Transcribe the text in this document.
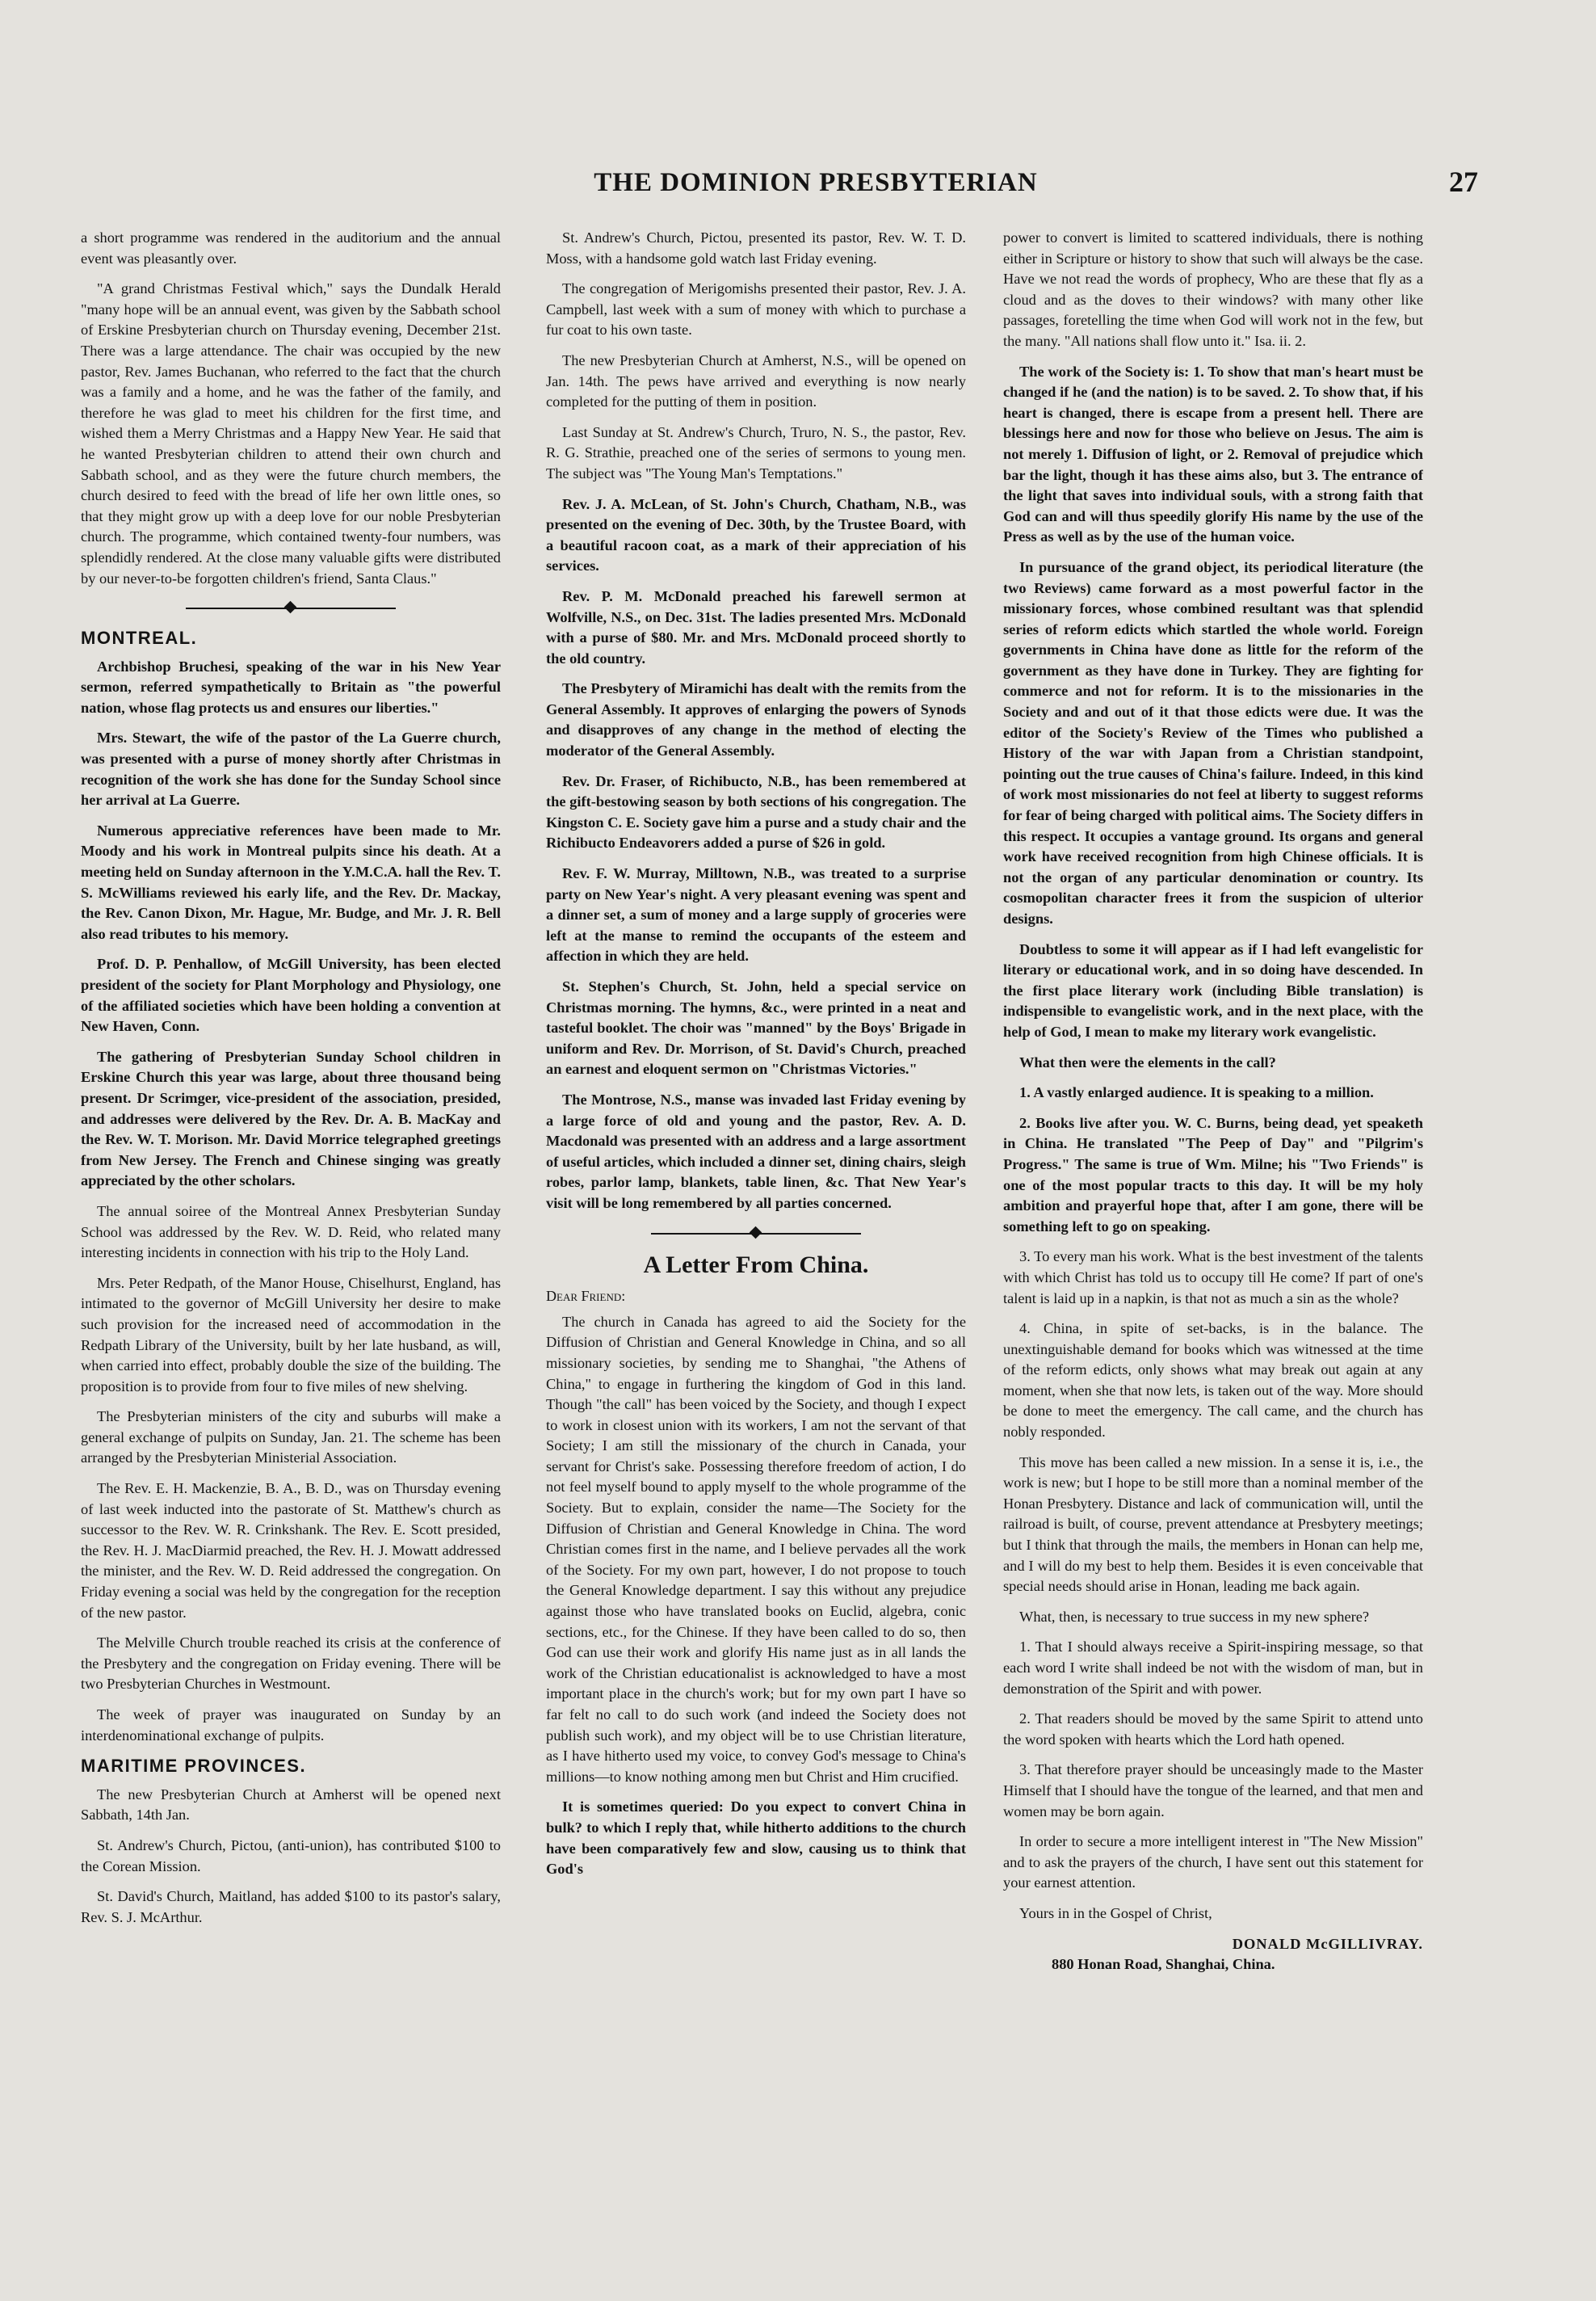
THE DOMINION PRESBYTERIAN	27

a short programme was rendered in the auditorium and the annual event was pleasantly over.

"A grand Christmas Festival which," says the Dundalk Herald "many hope will be an annual event, was given by the Sabbath school of Erskine Presbyterian church on Thursday evening, December 21st. There was a large attendance. The chair was occupied by the new pastor, Rev. James Buchanan, who referred to the fact that the church was a family and a home, and he was the father of the family, and therefore he was glad to meet his children for the first time, and wished them a Merry Christmas and a Happy New Year. He said that he wanted Presbyterian children to attend their own church and Sabbath school, and as they were the future church members, the church desired to feed with the bread of life her own little ones, so that they might grow up with a deep love for our noble Presbyterian church. The programme, which contained twenty-four numbers, was splendidly rendered. At the close many valuable gifts were distributed by our never-to-be forgotten children's friend, Santa Claus."

MONTREAL.

Archbishop Bruchesi, speaking of the war in his New Year sermon, referred sympathetically to Britain as "the powerful nation, whose flag protects us and ensures our liberties."

Mrs. Stewart, the wife of the pastor of the La Guerre church, was presented with a purse of money shortly after Christmas in recognition of the work she has done for the Sunday School since her arrival at La Guerre.

Numerous appreciative references have been made to Mr. Moody and his work in Montreal pulpits since his death. At a meeting held on Sunday afternoon in the Y.M.C.A. hall the Rev. T. S. McWilliams reviewed his early life, and the Rev. Dr. Mackay, the Rev. Canon Dixon, Mr. Hague, Mr. Budge, and Mr. J. R. Bell also read tributes to his memory.

Prof. D. P. Penhallow, of McGill University, has been elected president of the society for Plant Morphology and Physiology, one of the affiliated societies which have been holding a convention at New Haven, Conn.

The gathering of Presbyterian Sunday School children in Erskine Church this year was large, about three thousand being present. Dr Scrimger, vice-president of the association, presided, and addresses were delivered by the Rev. Dr. A. B. MacKay and the Rev. W. T. Morison. Mr. David Morrice telegraphed greetings from New Jersey. The French and Chinese singing was greatly appreciated by the other scholars.

The annual soiree of the Montreal Annex Presbyterian Sunday School was addressed by the Rev. W. D. Reid, who related many interesting incidents in connection with his trip to the Holy Land.

Mrs. Peter Redpath, of the Manor House, Chiselhurst, England, has intimated to the governor of McGill University her desire to make such provision for the increased need of accommodation in the Redpath Library of the University, built by her late husband, as will, when carried into effect, probably double the size of the building. The proposition is to provide from four to five miles of new shelving.

The Presbyterian ministers of the city and suburbs will make a general exchange of pulpits on Sunday, Jan. 21. The scheme has been arranged by the Presbyterian Ministerial Association.

The Rev. E. H. Mackenzie, B. A., B. D., was on Thursday evening of last week inducted into the pastorate of St. Matthew's church as successor to the Rev. W. R. Crinkshank. The Rev. E. Scott presided, the Rev. H. J. MacDiarmid preached, the Rev. H. J. Mowatt addressed the minister, and the Rev. W. D. Reid addressed the congregation. On Friday evening a social was held by the congregation for the reception of the new pastor.

The Melville Church trouble reached its crisis at the conference of the Presbytery and the congregation on Friday evening. There will be two Presbyterian Churches in Westmount.

The week of prayer was inaugurated on Sunday by an interdenominational exchange of pulpits.

MARITIME PROVINCES.

The new Presbyterian Church at Amherst will be opened next Sabbath, 14th Jan.

St. Andrew's Church, Pictou, (anti-union), has contributed $100 to the Corean Mission.

St. David's Church, Maitland, has added $100 to its pastor's salary, Rev. S. J. McArthur.

St. Andrew's Church, Pictou, presented its pastor, Rev. W. T. D. Moss, with a handsome gold watch last Friday evening.

The congregation of Merigomishs presented their pastor, Rev. J. A. Campbell, last week with a sum of money with which to purchase a fur coat to his own taste.

The new Presbyterian Church at Amherst, N.S., will be opened on Jan. 14th. The pews have arrived and everything is now nearly completed for the putting of them in position.

Last Sunday at St. Andrew's Church, Truro, N. S., the pastor, Rev. R. G. Strathie, preached one of the series of sermons to young men. The subject was "The Young Man's Temptations."

Rev. J. A. McLean, of St. John's Church, Chatham, N.B., was presented on the evening of Dec. 30th, by the Trustee Board, with a beautiful racoon coat, as a mark of their appreciation of his services.

Rev. P. M. McDonald preached his farewell sermon at Wolfville, N.S., on Dec. 31st. The ladies presented Mrs. McDonald with a purse of $80. Mr. and Mrs. McDonald proceed shortly to the old country.

The Presbytery of Miramichi has dealt with the remits from the General Assembly. It approves of enlarging the powers of Synods and disapproves of any change in the method of electing the moderator of the General Assembly.

Rev. Dr. Fraser, of Richibucto, N.B., has been remembered at the gift-bestowing season by both sections of his congregation. The Kingston C. E. Society gave him a purse and a study chair and the Richibucto Endeavorers added a purse of $26 in gold.

Rev. F. W. Murray, Milltown, N.B., was treated to a surprise party on New Year's night. A very pleasant evening was spent and a dinner set, a sum of money and a large supply of groceries were left at the manse to remind the occupants of the esteem and affection in which they are held.

St. Stephen's Church, St. John, held a special service on Christmas morning. The hymns, &c., were printed in a neat and tasteful booklet. The choir was "manned" by the Boys' Brigade in uniform and Rev. Dr. Morrison, of St. David's Church, preached an earnest and eloquent sermon on "Christmas Victories."

The Montrose, N.S., manse was invaded last Friday evening by a large force of old and young and the pastor, Rev. A. D. Macdonald was presented with an address and a large assortment of useful articles, which included a dinner set, dining chairs, sleigh robes, parlor lamp, blankets, table linen, &c. That New Year's visit will be long remembered by all parties concerned.

A Letter From China.
Dear Friend:

The church in Canada has agreed to aid the Society for the Diffusion of Christian and General Knowledge in China, and so all missionary societies, by sending me to Shanghai, "the Athens of China," to engage in furthering the kingdom of God in this land. Though "the call" has been voiced by the Society, and though I expect to work in closest union with its workers, I am not the servant of that Society; I am still the missionary of the church in Canada, your servant for Christ's sake. Possessing therefore freedom of action, I do not feel myself bound to apply myself to the whole programme of the Society. But to explain, consider the name—The Society for the Diffusion of Christian and General Knowledge in China. The word Christian comes first in the name, and I believe pervades all the work of the Society. For my own part, however, I do not propose to touch the General Knowledge department. I say this without any prejudice against those who have translated books on Euclid, algebra, conic sections, etc., for the Chinese. If they have been called to do so, then God can use their work and glorify His name just as in all lands the work of the Christian educationalist is acknowledged to have a most important place in the church's work; but for my own part I have so far felt no call to do such work (and indeed the Society does not publish such work), and my object will be to use Christian literature, as I have hitherto used my voice, to convey God's message to China's millions—to know nothing among men but Christ and Him crucified.

It is sometimes queried: Do you expect to convert China in bulk? to which I reply that, while hitherto additions to the church have been comparatively few and slow, causing us to think that God's

power to convert is limited to scattered individuals, there is nothing either in Scripture or history to show that such will always be the case. Have we not read the words of prophecy, Who are these that fly as a cloud and as the doves to their windows? with many other like passages, foretelling the time when God will work not in the few, but the many. "All nations shall flow unto it." Isa. ii. 2.

The work of the Society is: 1. To show that man's heart must be changed if he (and the nation) is to be saved. 2. To show that, if his heart is changed, there is escape from a present hell. There are blessings here and now for those who believe on Jesus. The aim is not merely 1. Diffusion of light, or 2. Removal of prejudice which bar the light, though it has these aims also, but 3. The entrance of the light that saves into individual souls, with a strong faith that God can and will thus speedily glorify His name by the use of the Press as well as by the use of the human voice.

In pursuance of the grand object, its periodical literature (the two Reviews) came forward as a most powerful factor in the missionary forces, whose combined resultant was that splendid series of reform edicts which startled the whole world. Foreign governments in China have done as little for the reform of the government as they have done in Turkey. They are fighting for commerce and not for reform. It is to the missionaries in the Society and and out of it that those edicts were due. It was the editor of the Society's Review of the Times who published a History of the war with Japan from a Christian standpoint, pointing out the true causes of China's failure. Indeed, in this kind of work most missionaries do not feel at liberty to suggest reforms for fear of being charged with political aims. The Society differs in this respect. It occupies a vantage ground. Its organs and general work have received recognition from high Chinese officials. It is not the organ of any particular denomination or country. Its cosmopolitan character frees it from the suspicion of ulterior designs.

Doubtless to some it will appear as if I had left evangelistic for literary or educational work, and in so doing have descended. In the first place literary work (including Bible translation) is indispensible to evangelistic work, and in the next place, with the help of God, I mean to make my literary work evangelistic.

What then were the elements in the call?

1. A vastly enlarged audience. It is speaking to a million.

2. Books live after you. W. C. Burns, being dead, yet speaketh in China. He translated "The Peep of Day" and "Pilgrim's Progress." The same is true of Wm. Milne; his "Two Friends" is one of the most popular tracts to this day. It will be my holy ambition and prayerful hope that, after I am gone, there will be something left to go on speaking.

3. To every man his work. What is the best investment of the talents with which Christ has told us to occupy till He come? If part of one's talent is laid up in a napkin, is that not as much a sin as the whole?

4. China, in spite of set-backs, is in the balance. The unextinguishable demand for books which was witnessed at the time of the reform edicts, only shows what may break out again at any moment, when she that now lets, is taken out of the way. More should be done to meet the emergency. The call came, and the church has nobly responded.

This move has been called a new mission. In a sense it is, i.e., the work is new; but I hope to be still more than a nominal member of the Honan Presbytery. Distance and lack of communication will, until the railroad is built, of course, prevent attendance at Presbytery meetings; but I think that through the mails, the members in Honan can help me, and I will do my best to help them. Besides it is even conceivable that special needs should arise in Honan, leading me back again.

What, then, is necessary to true success in my new sphere?

1. That I should always receive a Spirit-inspiring message, so that each word I write shall indeed be not with the wisdom of man, but in demonstration of the Spirit and with power.

2. That readers should be moved by the same Spirit to attend unto the word spoken with hearts which the Lord hath opened.

3. That therefore prayer should be unceasingly made to the Master Himself that I should have the tongue of the learned, and that men and women may be born again.

In order to secure a more intelligent interest in "The New Mission" and to ask the prayers of the church, I have sent out this statement for your earnest attention.

Yours in in the Gospel of Christ,

DONALD McGILLIVRAY.
880 Honan Road, Shanghai, China.
